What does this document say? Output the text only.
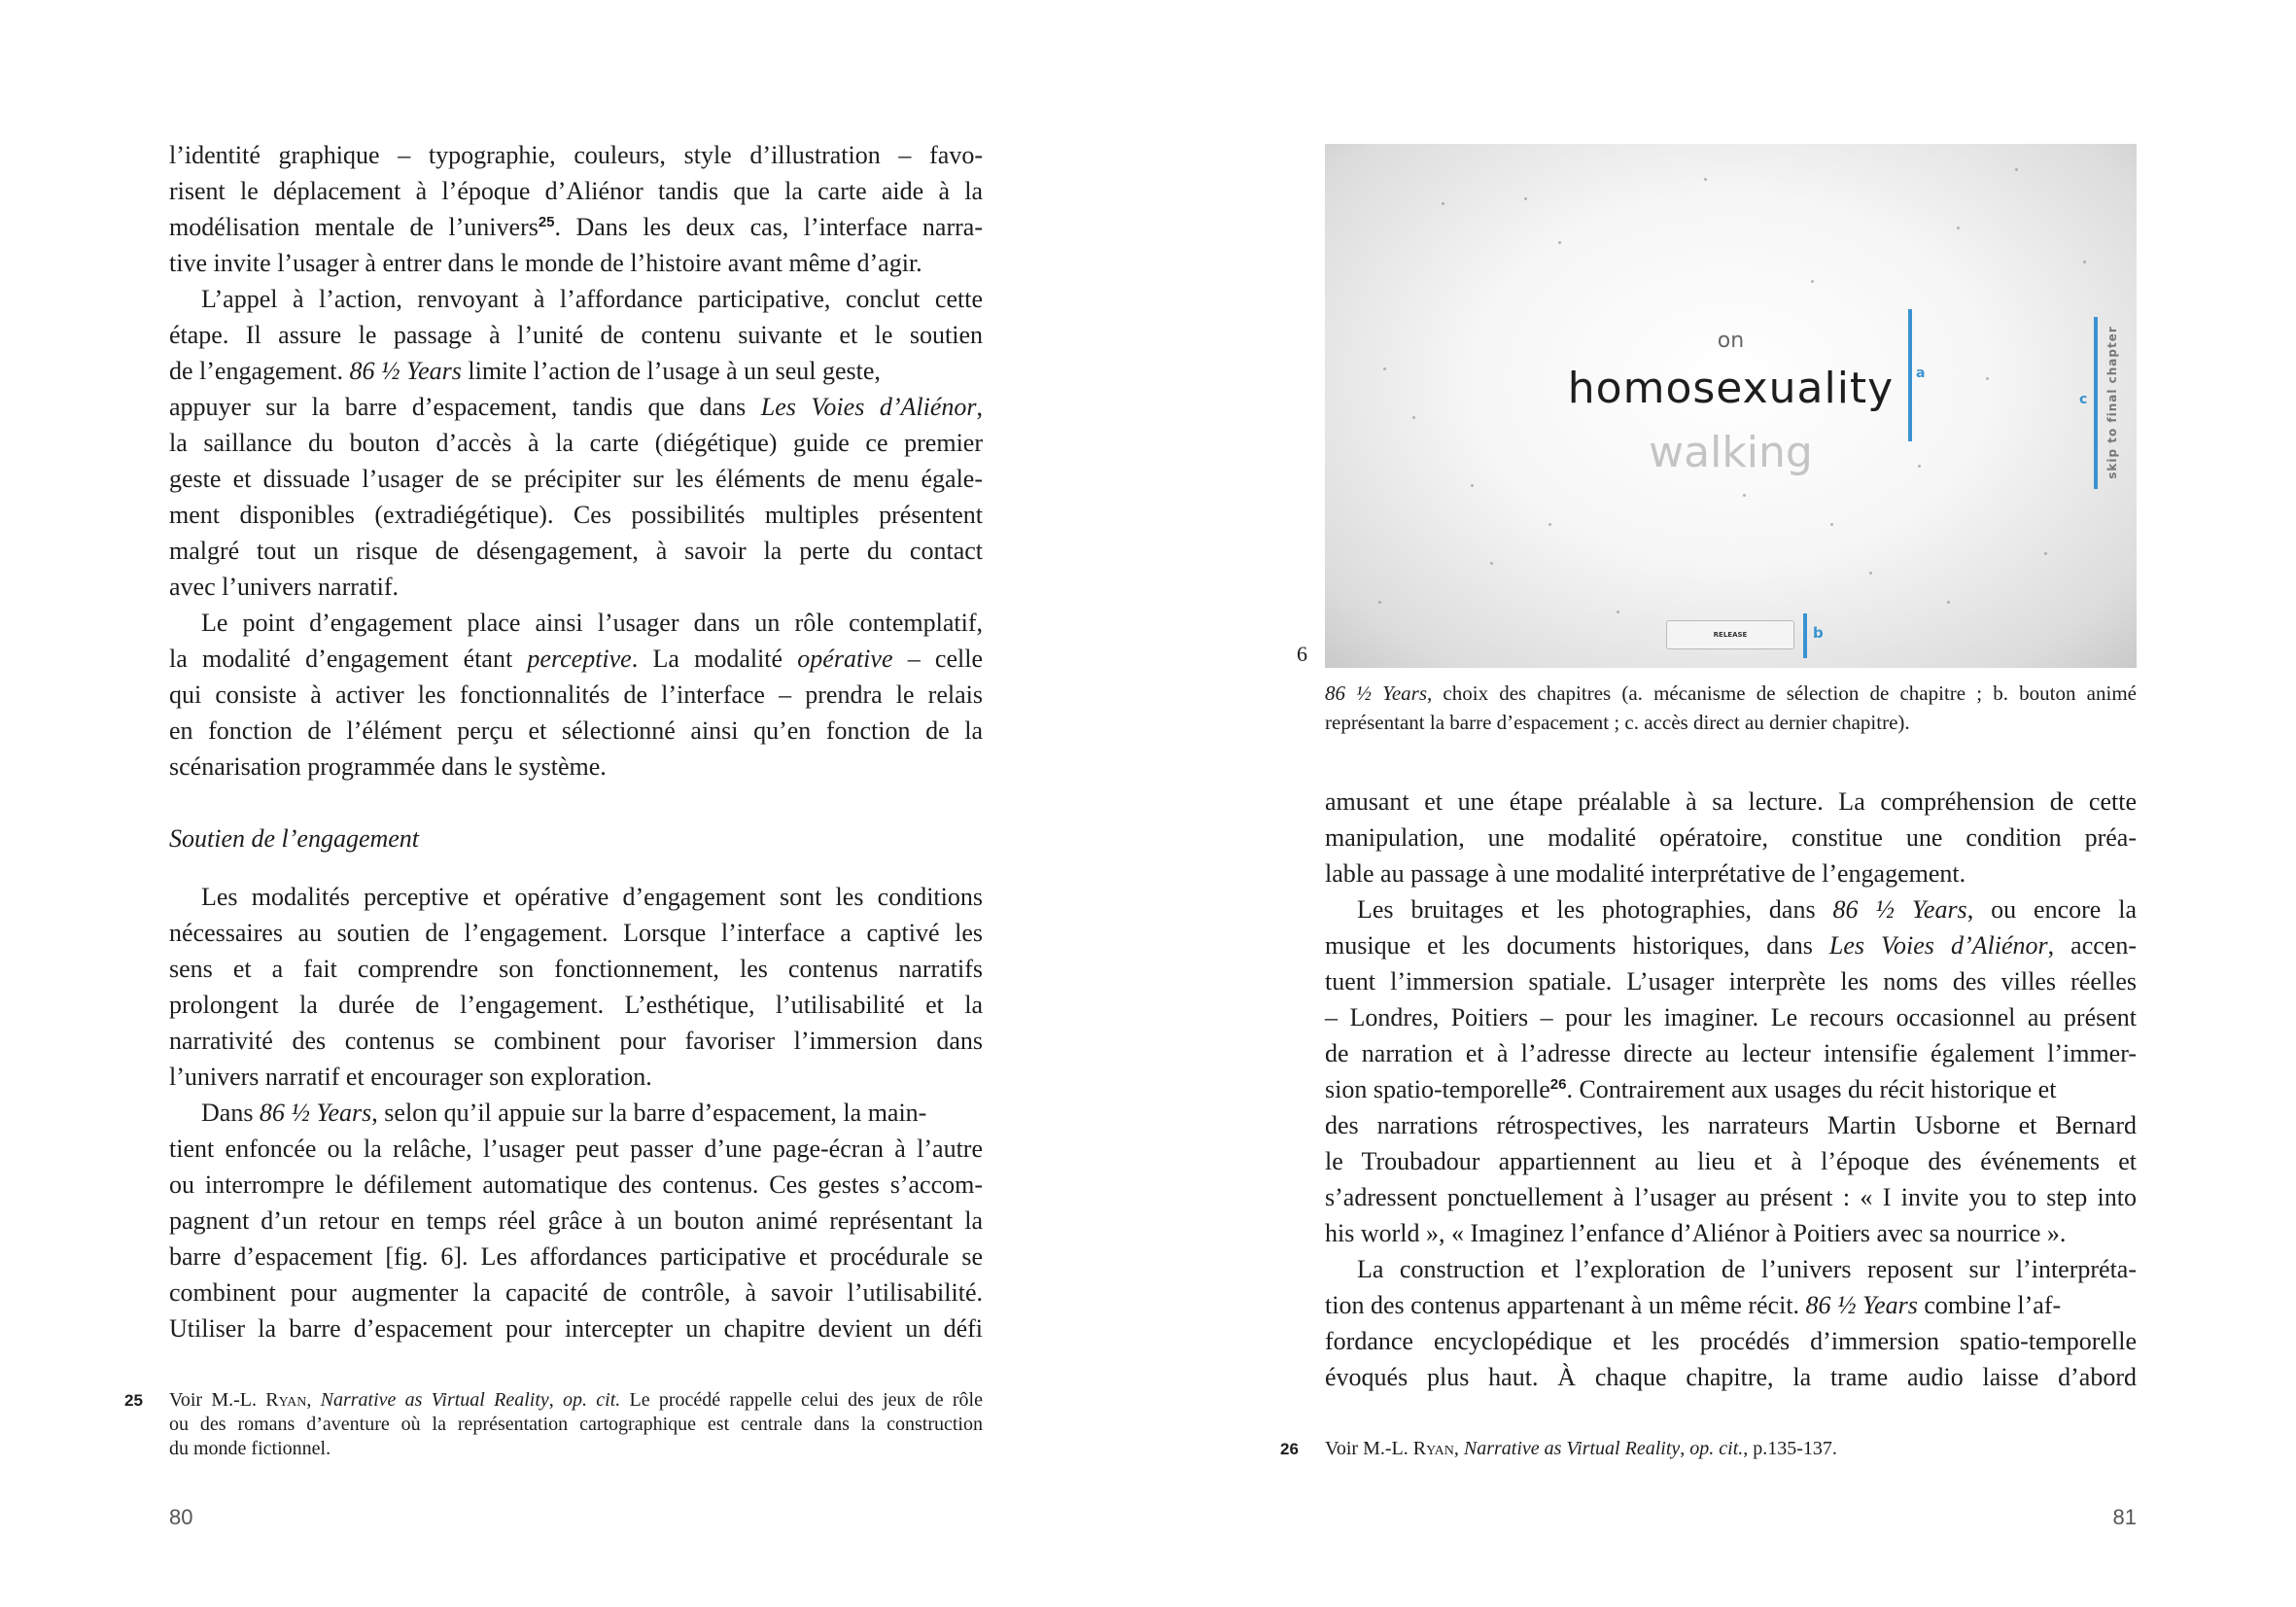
l’identité graphique – typographie, couleurs, style d’illustration – favo-
risent le déplacement à l’époque d’Aliénor tandis que la carte aide à la
modélisation mentale de l’univers$^{25}$. Dans les deux cas, l’interface narra-
tive invite l’usager à entrer dans le monde de l’histoire avant même d’agir.
L’appel à l’action, renvoyant à l’affordance participative, conclut cette
étape. Il assure le passage à l’unité de contenu suivante et le soutien
de l’engagement. 86 ½ Years limite l’action de l’usage à un seul geste,
appuyer sur la barre d’espacement, tandis que dans Les Voies d’Aliénor,
la saillance du bouton d’accès à la carte (diégétique) guide ce premier
geste et dissuade l’usager de se précipiter sur les éléments de menu égale-
ment disponibles (extradiégétique). Ces possibilités multiples présentent
malgré tout un risque de désengagement, à savoir la perte du contact
avec l’univers narratif.
Le point d’engagement place ainsi l’usager dans un rôle contemplatif,
la modalité d’engagement étant perceptive. La modalité opérative – celle
qui consiste à activer les fonctionnalités de l’interface – prendra le relais
en fonction de l’élément perçu et sélectionné ainsi qu’en fonction de la
scénarisation programmée dans le système.
Soutien de l’engagement
Les modalités perceptive et opérative d’engagement sont les conditions
nécessaires au soutien de l’engagement. Lorsque l’interface a captivé les
sens et a fait comprendre son fonctionnement, les contenus narratifs
prolongent la durée de l’engagement. L’esthétique, l’utilisabilité et la
narrativité des contenus se combinent pour favoriser l’immersion dans
l’univers narratif et encourager son exploration.
Dans 86 ½ Years, selon qu’il appuie sur la barre d’espacement, la main-
tient enfoncée ou la relâche, l’usager peut passer d’une page-écran à l’autre
ou interrompre le défilement automatique des contenus. Ces gestes s’accom-
pagnent d’un retour en temps réel grâce à un bouton animé représentant la
barre d’espacement [fig. 6]. Les affordances participative et procédurale se
combinent pour augmenter la capacité de contrôle, à savoir l’utilisabilité.
Utiliser la barre d’espacement pour intercepter un chapitre devient un défi
25 Voir M.-L. Ryan, Narrative as Virtual Reality, op. cit. Le procédé rappelle celui des jeux de rôle
ou des romans d’aventure où la représentation cartographique est centrale dans la construction
du monde fictionnel.
80
on
homosexuality
walking
a
c skip to final chapter
RELEASE	b
6
86 ½ Years, choix des chapitres (a. mécanisme de sélection de chapitre ; b. bouton animé
représentant la barre d’espacement ; c. accès direct au dernier chapitre).
amusant et une étape préalable à sa lecture. La compréhension de cette
manipulation, une modalité opératoire, constitue une condition préa-
lable au passage à une modalité interprétative de l’engagement.
Les bruitages et les photographies, dans 86 ½ Years, ou encore la
musique et les documents historiques, dans Les Voies d’Aliénor, accen-
tuent l’immersion spatiale. L’usager interprète les noms des villes réelles
– Londres, Poitiers – pour les imaginer. Le recours occasionnel au présent
de narration et à l’adresse directe au lecteur intensifie également l’immer-
sion spatio-temporelle$^{26}$. Contrairement aux usages du récit historique et
des narrations rétrospectives, les narrateurs Martin Usborne et Bernard
le Troubadour appartiennent au lieu et à l’époque des événements et
s’adressent ponctuellement à l’usager au présent : « I invite you to step into
his world », « Imaginez l’enfance d’Aliénor à Poitiers avec sa nourrice ».
La construction et l’exploration de l’univers reposent sur l’interpréta-
tion des contenus appartenant à un même récit. 86 ½ Years combine l’af-
fordance encyclopédique et les procédés d’immersion spatio-temporelle
évoqués plus haut. À chaque chapitre, la trame audio laisse d’abord
26 Voir M.-L. Ryan, Narrative as Virtual Reality, op. cit., p.135-137.
81
